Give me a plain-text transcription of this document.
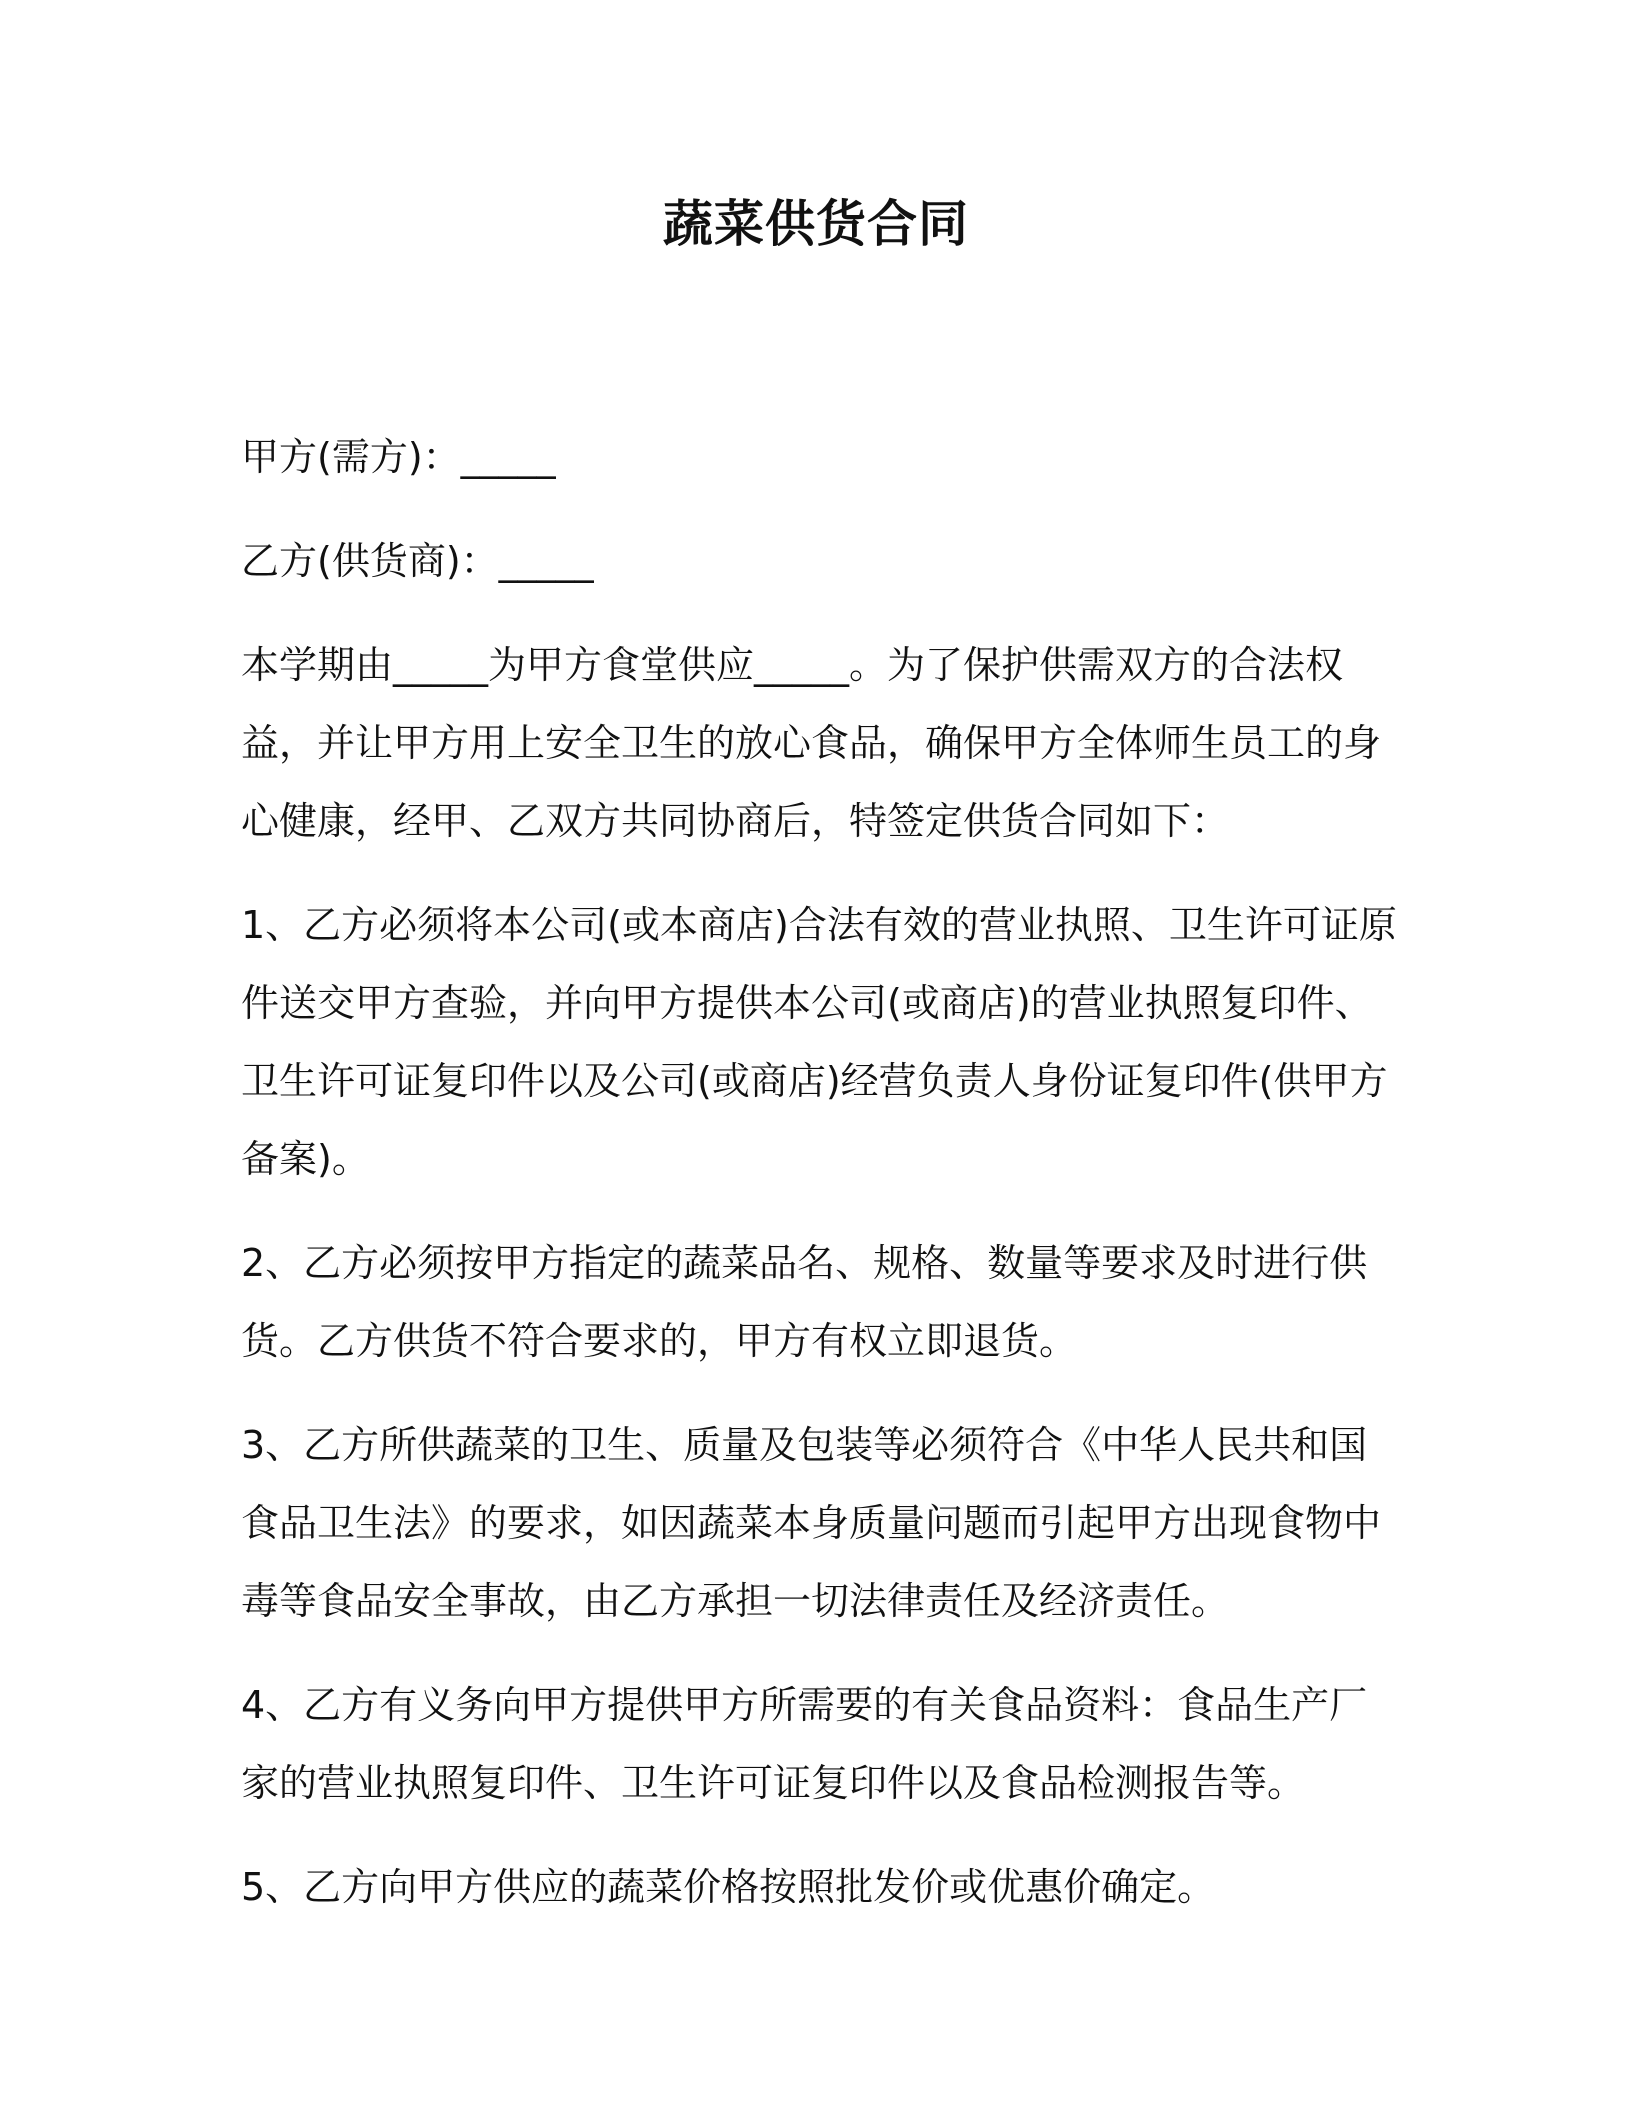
蔬菜供货合同

甲方(需方)：_____

乙方(供货商)：_____

本学期由_____为甲方食堂供应_____。为了保护供需双方的合法权益，并让甲方用上安全卫生的放心食品，确保甲方全体师生员工的身心健康，经甲、乙双方共同协商后，特签定供货合同如下：

1、乙方必须将本公司(或本商店)合法有效的营业执照、卫生许可证原件送交甲方查验，并向甲方提供本公司(或商店)的营业执照复印件、卫生许可证复印件以及公司(或商店)经营负责人身份证复印件(供甲方备案)。

2、乙方必须按甲方指定的蔬菜品名、规格、数量等要求及时进行供货。乙方供货不符合要求的，甲方有权立即退货。

3、乙方所供蔬菜的卫生、质量及包装等必须符合《中华人民共和国食品卫生法》的要求，如因蔬菜本身质量问题而引起甲方出现食物中毒等食品安全事故，由乙方承担一切法律责任及经济责任。

4、乙方有义务向甲方提供甲方所需要的有关食品资料：食品生产厂家的营业执照复印件、卫生许可证复印件以及食品检测报告等。

5、乙方向甲方供应的蔬菜价格按照批发价或优惠价确定。
